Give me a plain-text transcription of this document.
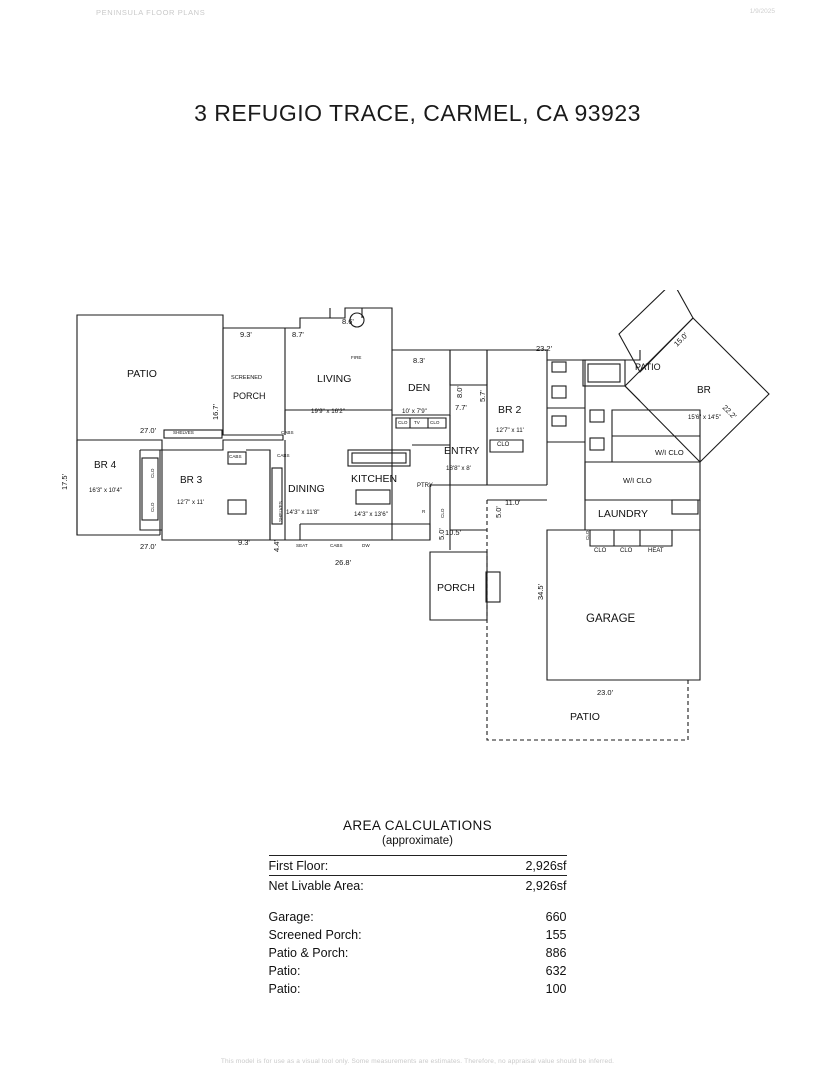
PENINSULA FLOOR PLANS	1/9/2025
3 REFUGIO TRACE, CARMEL, CA 93923
PATIO	SCREENED
PORCH
LIVING
FIRE
19'9" x 16'2"
DEN
10' x 7'9"
CLO TV CLO
ENTRY
18'8" x 8'
CLO
BR 4
16'3" x 10'4"
CLO
CLO
BR 3
12'7" x 11'
CABS
SHELVES
SHELVES	CABS
CABS
DINING
14'3" x 11'8"
KITCHEN
14'3" x 13'6"
PTRY
R
SEAT	CABS	DW
CLO
BR 2
12'7" x 11'
BR
15'6" x 14'5"
PATIO
W/I CLO
W/I CLO
LAUNDRY
CLO CLO	HEAT
CLO
GARAGE
PORCH
PATIO
9.3'	8.7'
8.6'
8.3'
8.0' 5.7'
7.7'
23.2'
15.0'
22.2'
16.7'
27.0'
17.5'
27.0'	9.3'	4.4'
26.8'
10.5'
5.0'
5.0'
11.0'
34.5'
23.0'
AREA CALCULATIONS
(approximate)
First Floor:	2,926sf
Net Livable Area:	2,926sf
Garage:	660
Screened Porch:	155
Patio & Porch:	886
Patio:	632
Patio:	100
This model is for use as a visual tool only. Some measurements are estimates. Therefore, no appraisal value should be inferred.
